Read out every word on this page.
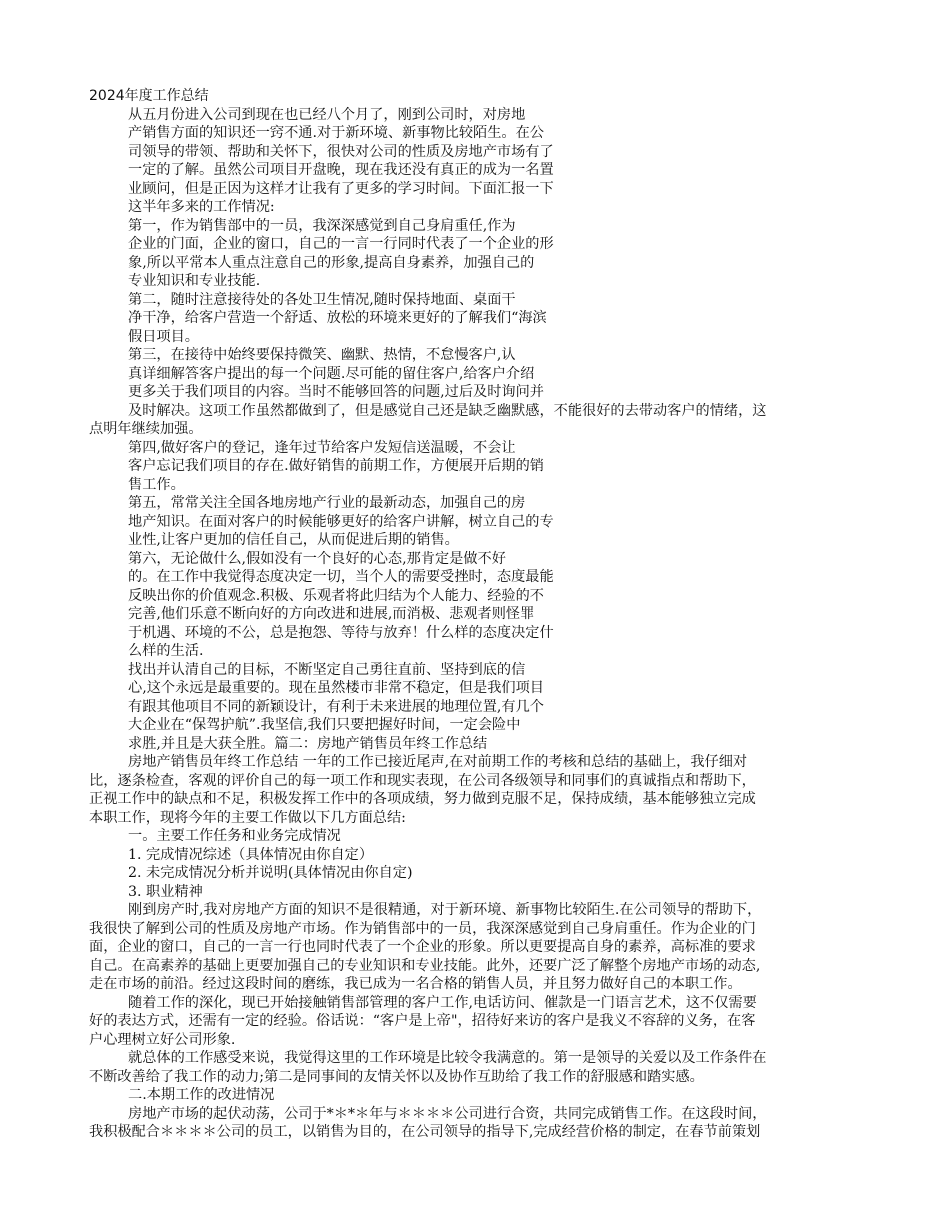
2024年度工作总结
从五月份进入公司到现在也已经八个月了，刚到公司时，对房地
产销售方面的知识还一窍不通.对于新环境、新事物比较陌生。在公
司领导的带领、帮助和关怀下，很快对公司的性质及房地产市场有了
一定的了解。虽然公司项目开盘晚，现在我还没有真正的成为一名置
业顾问，但是正因为这样才让我有了更多的学习时间。下面汇报一下
这半年多来的工作情况:
第一，作为销售部中的一员，我深深感觉到自己身肩重任,作为
企业的门面，企业的窗口，自己的一言一行同时代表了一个企业的形
象,所以平常本人重点注意自己的形象,提高自身素养，加强自己的
专业知识和专业技能.
第二，随时注意接待处的各处卫生情况,随时保持地面、桌面干
净干净，给客户营造一个舒适、放松的环境来更好的了解我们“海滨
假日项目。
第三，在接待中始终要保持微笑、幽默、热情，不怠慢客户,认
真详细解答客户提出的每一个问题.尽可能的留住客户,给客户介绍
更多关于我们项目的内容。当时不能够回答的问题,过后及时询问并
及时解决。这项工作虽然都做到了，但是感觉自己还是缺乏幽默感，不能很好的去带动客户的情绪，这
点明年继续加强。
第四,做好客户的登记，逢年过节给客户发短信送温暖，不会让
客户忘记我们项目的存在.做好销售的前期工作，方便展开后期的销
售工作。
第五，常常关注全国各地房地产行业的最新动态，加强自己的房
地产知识。在面对客户的时候能够更好的给客户讲解，树立自己的专
业性,让客户更加的信任自己，从而促进后期的销售。
第六，无论做什么,假如没有一个良好的心态,那肯定是做不好
的。在工作中我觉得态度决定一切，当个人的需要受挫时，态度最能
反映出你的价值观念.积极、乐观者将此归结为个人能力、经验的不
完善,他们乐意不断向好的方向改进和进展,而消极、悲观者则怪罪
于机遇、环境的不公，总是抱怨、等待与放弃！什么样的态度决定什
么样的生活.
找出并认清自己的目标，不断坚定自己勇往直前、坚持到底的信
心,这个永远是最重要的。现在虽然楼市非常不稳定，但是我们项目
有跟其他项目不同的新颖设计，有利于未来进展的地理位置,有几个
大企业在“保驾护航”.我坚信,我们只要把握好时间，一定会险中
求胜,并且是大获全胜。篇二：房地产销售员年终工作总结
房地产销售员年终工作总结 一年的工作已接近尾声,在对前期工作的考核和总结的基础上，我仔细对
比，逐条检查，客观的评价自己的每一项工作和现实表现，在公司各级领导和同事们的真诚指点和帮助下，
正视工作中的缺点和不足，积极发挥工作中的各项成绩，努力做到克服不足，保持成绩，基本能够独立完成
本职工作，现将今年的主要工作做以下几方面总结:
一。主要工作任务和业务完成情况
1. 完成情况综述（具体情况由你自定）
2. 未完成情况分析并说明(具体情况由你自定)
3. 职业精神
刚到房产时,我对房地产方面的知识不是很精通，对于新环境、新事物比较陌生.在公司领导的帮助下，
我很快了解到公司的性质及房地产市场。作为销售部中的一员，我深深感觉到自己身肩重任。作为企业的门
面，企业的窗口，自己的一言一行也同时代表了一个企业的形象。所以更要提高自身的素养，高标准的要求
自己。在高素养的基础上更要加强自己的专业知识和专业技能。此外，还要广泛了解整个房地产市场的动态,
走在市场的前沿。经过这段时间的磨练，我已成为一名合格的销售人员，并且努力做好自己的本职工作。
随着工作的深化，现已开始接触销售部管理的客户工作,电话访问、催款是一门语言艺术，这不仅需要
好的表达方式，还需有一定的经验。俗话说：“客户是上帝"，招待好来访的客户是我义不容辞的义务，在客
户心理树立好公司形象.
就总体的工作感受来说，我觉得这里的工作环境是比较令我满意的。第一是领导的关爱以及工作条件在
不断改善给了我工作的动力;第二是同事间的友情关怀以及协作互助给了我工作的舒服感和踏实感。
二.本期工作的改进情况
房地产市场的起伏动荡，公司于*＊*＊年与＊＊＊＊公司进行合资，共同完成销售工作。在这段时间，
我积极配合＊＊＊＊公司的员工，以销售为目的，在公司领导的指导下,完成经营价格的制定，在春节前策划
